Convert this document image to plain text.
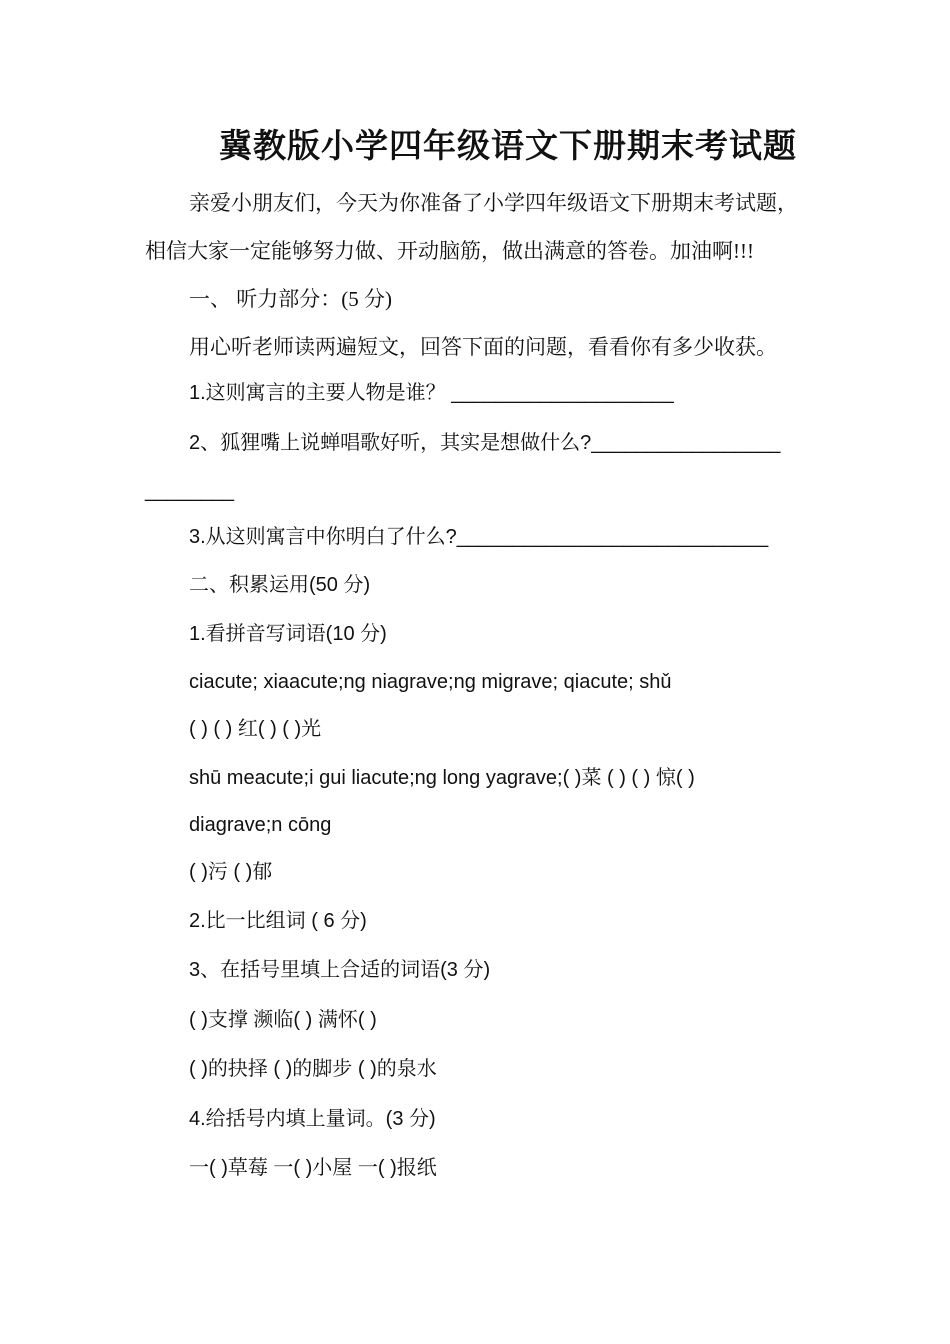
冀教版小学四年级语文下册期末考试题
亲爱小朋友们，今天为你准备了小学四年级语文下册期末考试题，
相信大家一定能够努力做、开动脑筋，做出满意的答卷。加油啊!!!
一、 听力部分：(5 分)
用心听老师读两遍短文，回答下面的问题，看看你有多少收获。
1.这则寓言的主要人物是谁？ ____________________
2、狐狸嘴上说蝉唱歌好听，其实是想做什么?_________________
________
3.从这则寓言中你明白了什么?____________________________
二、积累运用(50 分)
1.看拼音写词语(10 分)
ciacute; xiaacute;ng niagrave;ng migrave; qiacute; shǔ
( ) ( ) 红( ) ( )光
shū meacute;i gui liacute;ng long yagrave;( )菜 ( ) ( ) 惊( )
diagrave;n cōng
( )污 ( )郁
2.比一比组词 ( 6 分)
3、在括号里填上合适的词语(3 分)
( )支撑 濒临( ) 满怀( )
( )的抉择 ( )的脚步 ( )的泉水
4.给括号内填上量词。(3 分)
一( )草莓 一( )小屋 一( )报纸
